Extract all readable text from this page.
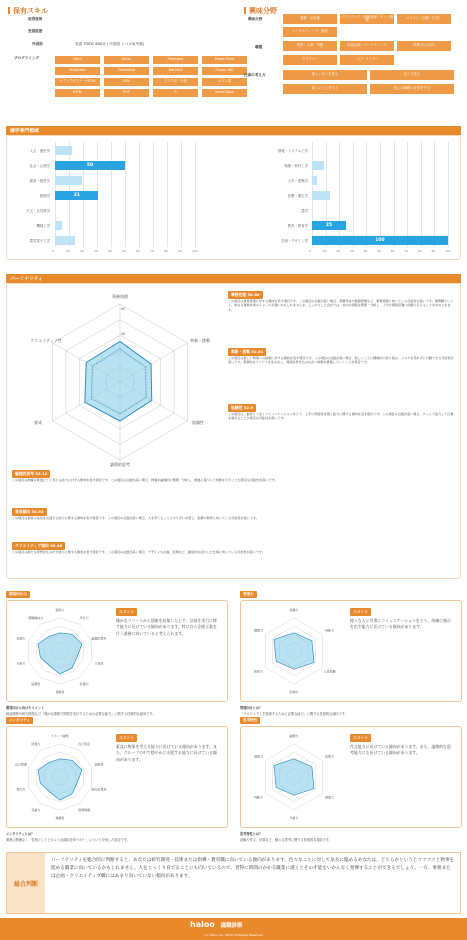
保有スキル
取得資格
受賞経歴
外国語	英語 TOEIC 600点 / 中国語 レベル3(中級)
プログラミング	Word	Excel	Filemaker	Power Point
Illustrator	Photoshop	3ds MAX	Fusion 360
サイトデザイナー/HTML	JIRA	クラスタ・分析	ホスト系
HTML	PHP	R	Visual Basic
興味分野
興味分野
職種
仕事の考え方
農林・水産業	ソフトウェア・情報処理・ネット関連	マスコミ（出版・広告）
コンサルティング・調査
経営・人事・労務	商品企画・マーケティング	営業(法人向け)
デザイナー	コピーライター
新しいモノを作る	近くで見る
新しいことをする	色んな職務の仕事をする
適学専門領域
0	10	20	30	40	50	60	70	80	90	100
人文・歴史学
社会・心理学	50
経済・経営学
数理学	31
天文・自然科学
機械工学
電気電子工学
0	10	20	30	40	50	60	70	80	90	100
情報・システム工学
物理・材料工学
土木・建築学
医療・衛生学
農学
教育・教育学	25
芸術・デザイン学	100
パーソナリティ
事務処理
革新・挑戦
協調性
論理的思考
育成
クリエイティブ性
60
40
事務処理 58.86
この項目は事務処理に対する傾向を表す項目です。この項目の点数が高い場合、書類作成や数値管理など、事務処理に向いている可能性が高いです。事務職というと、単なる事務作業のイメージが強いかもしれませんが、しっかりした会社では、社内の情報を整理・分析し、上司や関係部署に的確に伝えることが求められます。
革新・挑戦 52.61
この項目は新しい物事への挑戦に対する傾向を表す項目です。この項目の点数が高い場合、新しいことに積極的に取り組み、リスクを恐れずに行動できる可能性が高いです。革新的なアイデアを生み出し、周囲を巻き込みながら物事を推進していくことが得意です。
協調性 52.9
この項目は、他者とうまくコミュニケーションをとり、上手に関係性を築く能力に関する傾向を表す項目です。この項目の点数が高い場合、チームで協力して仕事を進めることが得意な可能性が高いです。
論理的思考 53.12
この項目は物事を筋道立てて考える能力に対する傾向を表す項目です。この項目の点数が高い場合、物事を論理的に整理・分析し、根拠に基づいて判断を下すことが得意な可能性が高いです。
育成傾向 54.92
この項目は他者の成長を支援する能力に関する傾向を表す項目です。この項目の点数が高い場合、人を育てることにやりがいを感じ、指導や教育に向いている可能性が高いです。
クリエイティブ傾向 56.46
この項目は新たな発想を生み出す能力に関する傾向を表す項目です。この項目の点数が高い場合、デザインや企画、表現など、創造性を活かした仕事に向いている可能性が高いです。
開発向け力
創造力
実行力
論理的思考
主体性
計画力
柔軟性
協調性
分析力
表現力
問題解決力
コメント
僅かなリソースから情報を収集した上で、計画を実行に移す能力に長けている傾向があります。特に自ら企画立案を行う業務に向いていると考えられます。
開発向けに向けたコメント
商品開発や研究開発など「僅かな情報で開発を実行するための必要な能力」に関する性格的な傾向です。
管理力
指導力
判断力
人材把握
計画力
統率力
調整力
コメント
様々な人と円滑にコミュニケーションをとり、的確に指示を出す能力に長けている傾向があります。
管理向けとは？
「プロジェクトを管理するために必要な能力」に関する性格的な傾向です。
メンタリティ
ストレス耐性
自己肯定
柔軟性
前向き思考
感情制御
楽観性
忍耐力
集中力
自己管理
回復力
コメント
素直に物事を考える能力に長けている傾向があります。また、グループの中で穏やかに支援する能力に長けている傾向があります。
メンタリティとは？
業務に関係なく「性格としてどのような傾向を持つか？」について分析した項目です。
思考特性
論理力
直感力
発想力
分析力
判断力
洞察力
コメント
作文能力に長けている傾向があります。また、論理的な思考能力にも長けている傾向があります。
思考特性とは？
読解や作文、計算など、様々な思考に関する性格的な傾向です。
総合判断
パーソナリティを総合的に判断すると、あなたは研究開発・技術または指導・教育職に向いている傾向があります。色々なことに対して気長に臨めるあなたは、どちらかというとコツコツと物事を進める職業に向いているかもしれません。人をじっくり育てることにも向いているので、習得に時間のかかる職業に就くとその才能をいかんなく発揮することができるでしょう。一方、事務または企画・クリエイティブ職にはあまり向いていない傾向があります。
haloo 適職診断
(c) Haloo Inc. 2018 All Rights Reserved
